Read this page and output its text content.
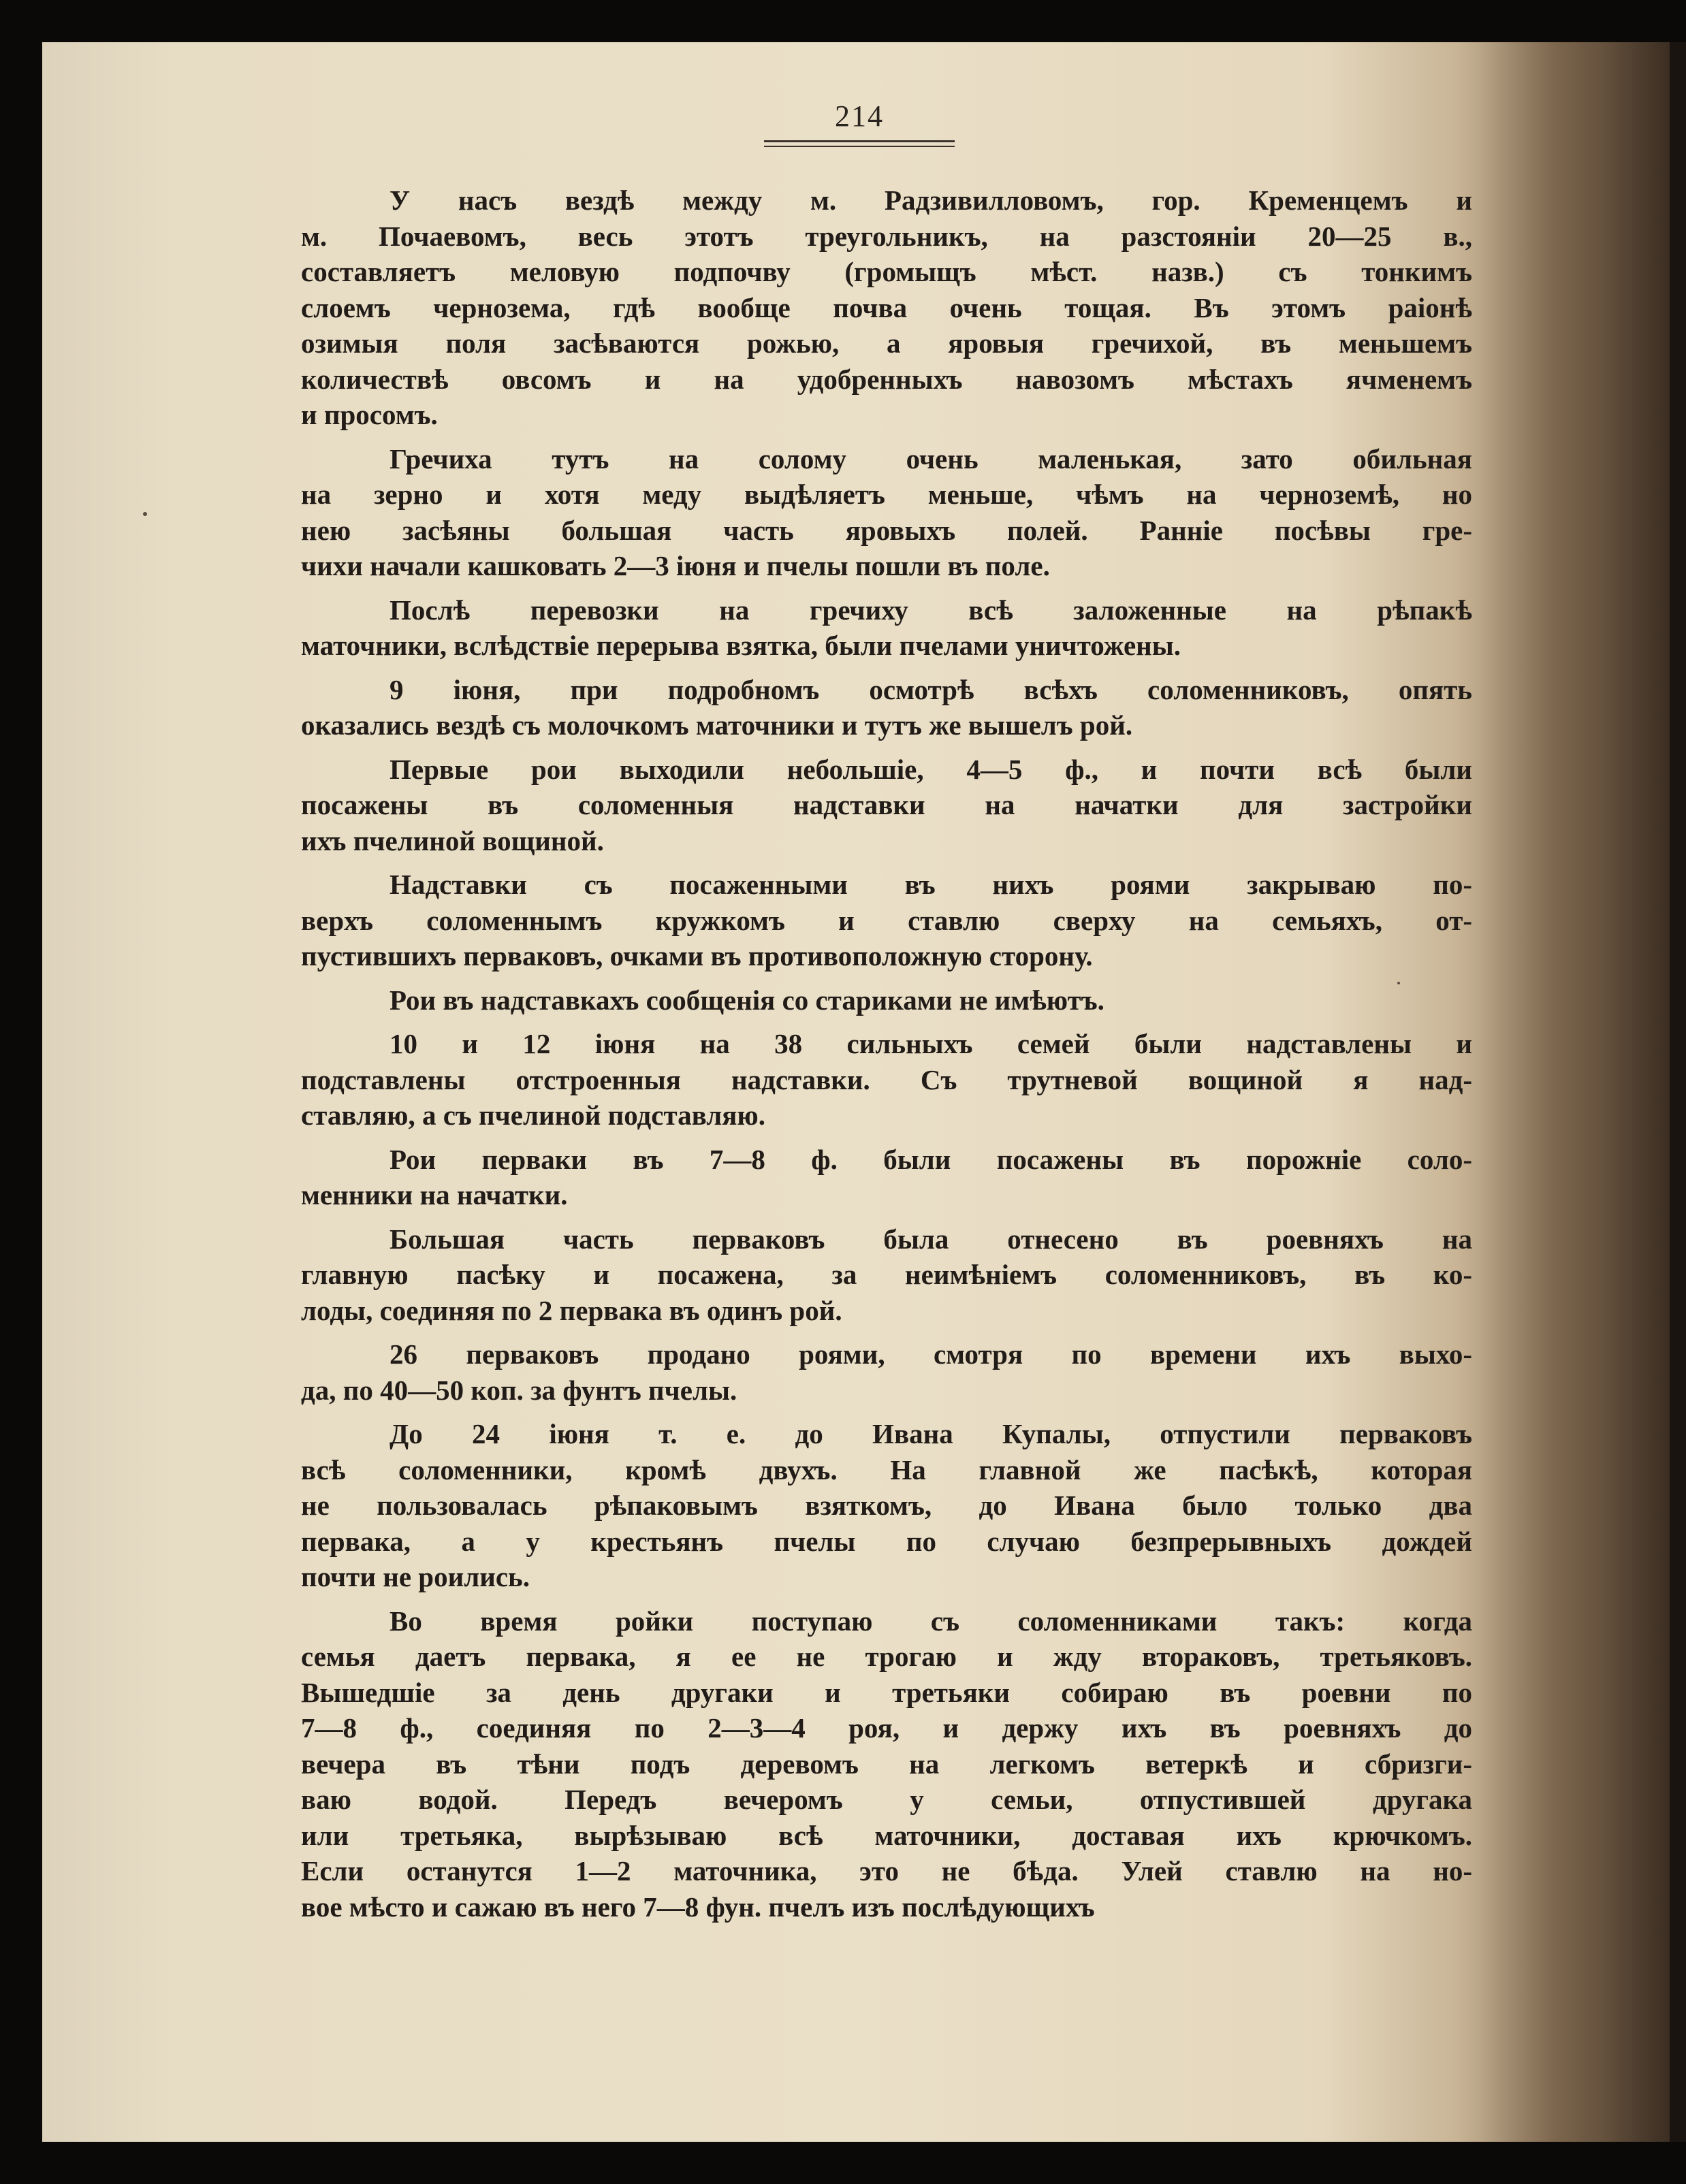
214
У насъ вездѣ между м. Радзивилловомъ, гор. Кременцемъ и
м. Почаевомъ, весь этотъ треугольникъ, на разстояніи 20—25 в.,
составляетъ меловую подпочву (громыщъ мѣст. назв.) съ тонкимъ
слоемъ чернозема, гдѣ вообще почва очень тощая. Въ этомъ раіонѣ
озимыя поля засѣваются рожью, а яровыя гречихой, въ меньшемъ
количествѣ овсомъ и на удобренныхъ навозомъ мѣстахъ ячменемъ
и просомъ.
Гречиха тутъ на солому очень маленькая, зато обильная
на зерно и хотя меду выдѣляетъ меньше, чѣмъ на черноземѣ, но
нею засѣяны большая часть яровыхъ полей. Ранніе посѣвы гре-
чихи начали кашковать 2—3 іюня и пчелы пошли въ поле.
Послѣ перевозки на гречиху всѣ заложенные на рѣпакѣ
маточники, вслѣдствіе перерыва взятка, были пчелами уничтожены.
9 іюня, при подробномъ осмотрѣ всѣхъ соломенниковъ, опять
оказались вездѣ съ молочкомъ маточники и тутъ же вышелъ рой.
Первые рои выходили небольшіе, 4—5 ф., и почти всѣ были
посажены въ соломенныя надставки на начатки для застройки
ихъ пчелиной вощиной.
Надставки съ посаженными въ нихъ роями закрываю по-
верхъ соломеннымъ кружкомъ и ставлю сверху на семьяхъ, от-
пустившихъ перваковъ, очками въ противоположную сторону.
Рои въ надставкахъ сообщенія со стариками не имѣютъ.
10 и 12 іюня на 38 сильныхъ семей были надставлены и
подставлены отстроенныя надставки. Съ трутневой вощиной я над-
ставляю, а съ пчелиной подставляю.
Рои перваки въ 7—8 ф. были посажены въ порожніе соло-
менники на начатки.
Большая часть перваковъ была отнесено въ роевняхъ на
главную пасѣку и посажена, за неимѣніемъ соломенниковъ, въ ко-
лоды, соединяя по 2 первака въ одинъ рой.
26 перваковъ продано роями, смотря по времени ихъ выхо-
да, по 40—50 коп. за фунтъ пчелы.
До 24 іюня т. е. до Ивана Купалы, отпустили перваковъ
всѣ соломенники, кромѣ двухъ. На главной же пасѣкѣ, которая
не пользовалась рѣпаковымъ взяткомъ, до Ивана было только два
первака, а у крестьянъ пчелы по случаю безпрерывныхъ дождей
почти не роились.
Во время ройки поступаю съ соломенниками такъ: когда
семья даетъ первака, я ее не трогаю и жду втораковъ, третьяковъ.
Вышедшіе за день другаки и третьяки собираю въ роевни по
7—8 ф., соединяя по 2—3—4 роя, и держу ихъ въ роевняхъ до
вечера въ тѣни подъ деревомъ на легкомъ ветеркѣ и сбризги-
ваю водой. Передъ вечеромъ у семьи, отпустившей другака
или третьяка, вырѣзываю всѣ маточники, доставая ихъ крючкомъ.
Если останутся 1—2 маточника, это не бѣда. Улей ставлю на но-
вое мѣсто и сажаю въ него 7—8 фун. пчелъ изъ послѣдующихъ
